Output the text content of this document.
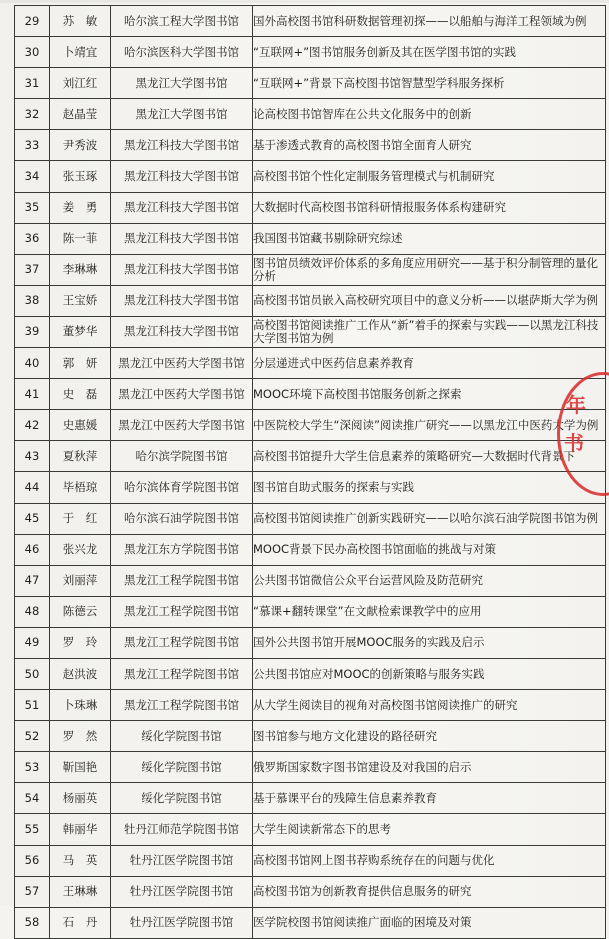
29	苏　敏	哈尔滨工程大学图书馆	国外高校图书馆科研数据管理初探——以船舶与海洋工程领域为例
30	卜靖宜	哈尔滨医科大学图书馆	“互联网+”图书馆服务创新及其在医学图书馆的实践
31	刘江红	黑龙江大学图书馆	“互联网+”背景下高校图书馆智慧型学科服务探析
32	赵晶莹	黑龙江大学图书馆	论高校图书馆智库在公共文化服务中的创新
33	尹秀波	黑龙江科技大学图书馆	基于渗透式教育的高校图书馆全面育人研究
34	张玉琢	黑龙江科技大学图书馆	高校图书馆个性化定制服务管理模式与机制研究
35	姜　勇	黑龙江科技大学图书馆	大数据时代高校图书馆科研情报服务体系构建研究
36	陈一菲	黑龙江科技大学图书馆	我国图书馆藏书剔除研究综述
37	李琳琳	黑龙江科技大学图书馆	图书馆员绩效评价体系的多角度应用研究——基于积分制管理的量化分析
38	王宝娇	黑龙江科技大学图书馆	高校图书馆员嵌入高校研究项目中的意义分析——以堪萨斯大学为例
39	董梦华	黑龙江科技大学图书馆	高校图书馆阅读推广工作从“新”着手的探索与实践——以黑龙江科技大学图书馆为例
40	郭　妍	黑龙江中医药大学图书馆	分层递进式中医药信息素养教育
41	史　磊	黑龙江中医药大学图书馆	MOOC环境下高校图书馆服务创新之探索
42	史惠媛	黑龙江中医药大学图书馆	中医院校大学生“深阅读”阅读推广研究——以黑龙江中医药大学为例
43	夏秋萍	哈尔滨学院图书馆	高校图书馆提升大学生信息素养的策略研究—大数据时代背景下
44	毕梧琼	哈尔滨体育学院图书馆	图书馆自助式服务的探索与实践
45	于　红	哈尔滨石油学院图书馆	高校图书馆阅读推广创新实践研究——以哈尔滨石油学院图书馆为例
46	张兴龙	黑龙江东方学院图书馆	MOOC背景下民办高校图书馆面临的挑战与对策
47	刘丽萍	黑龙江工程学院图书馆	公共图书馆微信公众平台运营风险及防范研究
48	陈德云	黑龙江工程学院图书馆	“慕课+翻转课堂”在文献检索课教学中的应用
49	罗　玲	黑龙江工程学院图书馆	国外公共图书馆开展MOOC服务的实践及启示
50	赵洪波	黑龙江工程学院图书馆	公共图书馆应对MOOC的创新策略与服务实践
51	卜珠琳	黑龙江工程学院图书馆	从大学生阅读目的视角对高校图书馆阅读推广的研究
52	罗　然	绥化学院图书馆	图书馆参与地方文化建设的路径研究
53	靳国艳	绥化学院图书馆	俄罗斯国家数字图书馆建设及对我国的启示
54	杨丽英	绥化学院图书馆	基于慕课平台的残障生信息素养教育
55	韩丽华	牡丹江师范学院图书馆	大学生阅读新常态下的思考
56	马　英	牡丹江医学院图书馆	高校图书馆网上图书荐购系统存在的问题与优化
57	王琳琳	牡丹江医学院图书馆	高校图书馆为创新教育提供信息服务的研究
58	石　丹	牡丹江医学院图书馆	医学院校图书馆阅读推广面临的困境及对策
年
书
